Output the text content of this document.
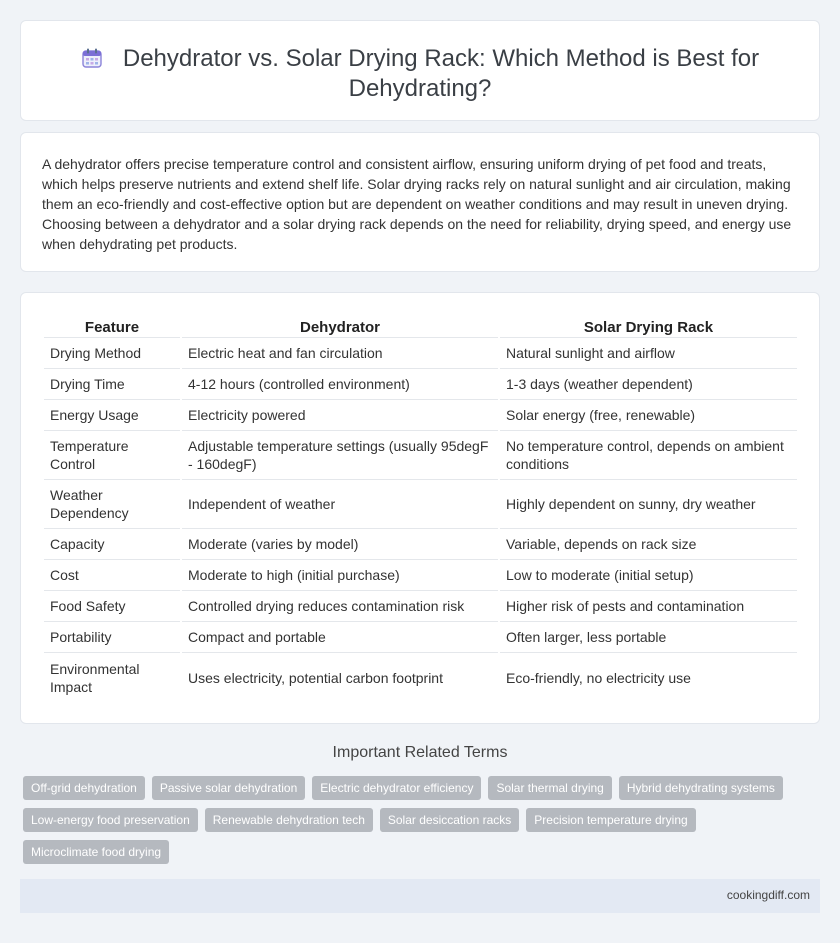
Dehydrator vs. Solar Drying Rack: Which Method is Best for
Dehydrating?

A dehydrator offers precise temperature control and consistent airflow, ensuring uniform drying of pet food and treats, which helps preserve nutrients and extend shelf life. Solar drying racks rely on natural sunlight and air circulation, making them an eco-friendly and cost-effective option but are dependent on weather conditions and may result in uneven drying. Choosing between a dehydrator and a solar drying rack depends on the need for reliability, drying speed, and energy use when dehydrating pet products.

Feature	Dehydrator	Solar Drying Rack
Drying Method	Electric heat and fan circulation	Natural sunlight and airflow
Drying Time	4-12 hours (controlled environment)	1-3 days (weather dependent)
Energy Usage	Electricity powered	Solar energy (free, renewable)
Temperature Control	Adjustable temperature settings (usually 95degF - 160degF)	No temperature control, depends on ambient conditions
Weather Dependency	Independent of weather	Highly dependent on sunny, dry weather
Capacity	Moderate (varies by model)	Variable, depends on rack size
Cost	Moderate to high (initial purchase)	Low to moderate (initial setup)
Food Safety	Controlled drying reduces contamination risk	Higher risk of pests and contamination
Portability	Compact and portable	Often larger, less portable
Environmental Impact	Uses electricity, potential carbon footprint	Eco-friendly, no electricity use
Important Related Terms
Off-grid dehydration	Passive solar dehydration	Electric dehydrator efficiency	Solar thermal drying	Hybrid dehydrating systems
Low-energy food preservation	Renewable dehydration tech	Solar desiccation racks	Precision temperature drying
Microclimate food drying
cookingdiff.com
